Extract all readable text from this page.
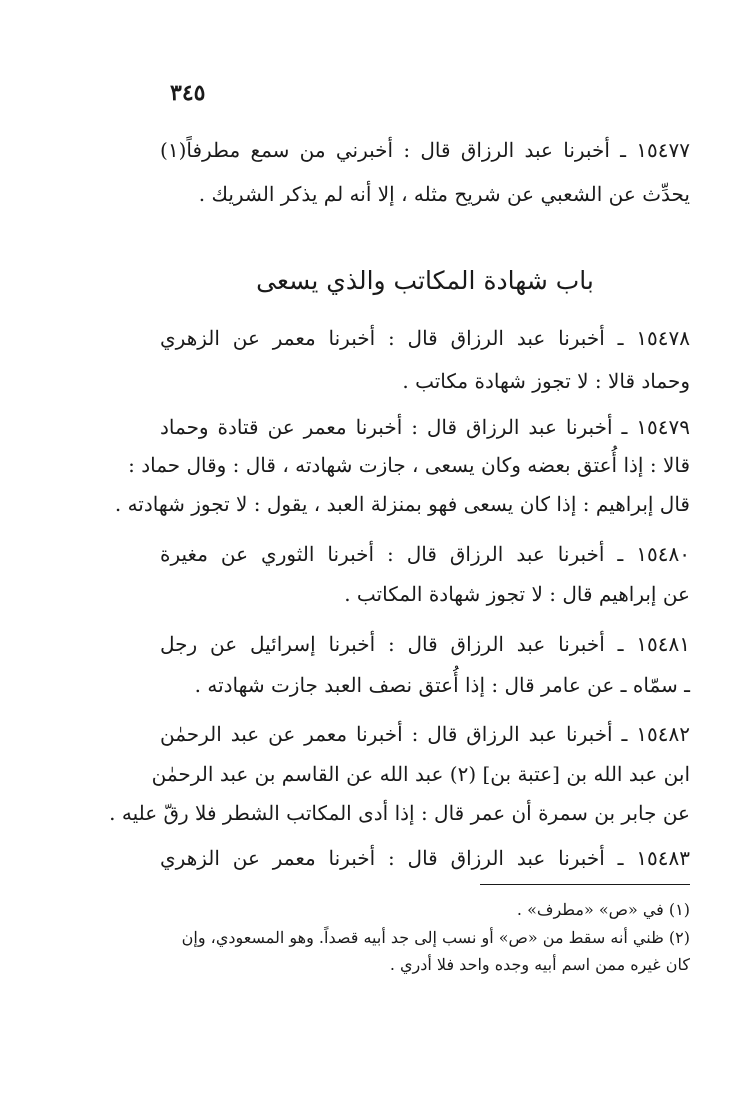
٣٤٥
١٥٤٧٧ ـ أخبرنا عبد الرزاق قال : أخبرني من سمع مطرفاً(١)
يحدِّث عن الشعبي عن شريح مثله ، إلا أنه لم يذكر الشريك .
باب شهادة المكاتب والذي يسعى
١٥٤٧٨ ـ أخبرنا عبد الرزاق قال : أخبرنا معمر عن الزهري
وحماد قالا : لا تجوز شهادة مكاتب .
١٥٤٧٩ ـ أخبرنا عبد الرزاق قال : أخبرنا معمر عن قتادة وحماد
قالا : إذا أُعتق بعضه وكان يسعى ، جازت شهادته ، قال : وقال حماد :
قال إبراهيم : إذا كان يسعى فهو بمنزلة العبد ، يقول : لا تجوز شهادته .
١٥٤٨٠ ـ أخبرنا عبد الرزاق قال : أخبرنا الثوري عن مغيرة
عن إبراهيم قال : لا تجوز شهادة المكاتب .
١٥٤٨١ ـ أخبرنا عبد الرزاق قال : أخبرنا إسرائيل عن رجل
ـ سمّاه ـ عن عامر قال : إذا أُعتق نصف العبد جازت شهادته .
١٥٤٨٢ ـ أخبرنا عبد الرزاق قال : أخبرنا معمر عن عبد الرحمٰن
ابن عبد الله بن [عتبة بن] (٢) عبد الله عن القاسم بن عبد الرحمٰن
عن جابر بن سمرة أن عمر قال : إذا أدى المكاتب الشطر فلا رقّ عليه .
١٥٤٨٣ ـ أخبرنا عبد الرزاق قال : أخبرنا معمر عن الزهري
(١) في «ص» «مطرف» .
(٢) ظني أنه سقط من «ص» أو نسب إلى جد أبيه قصداً. وهو المسعودي، وإن
كان غيره ممن اسم أبيه وجده واحد فلا أدري .
